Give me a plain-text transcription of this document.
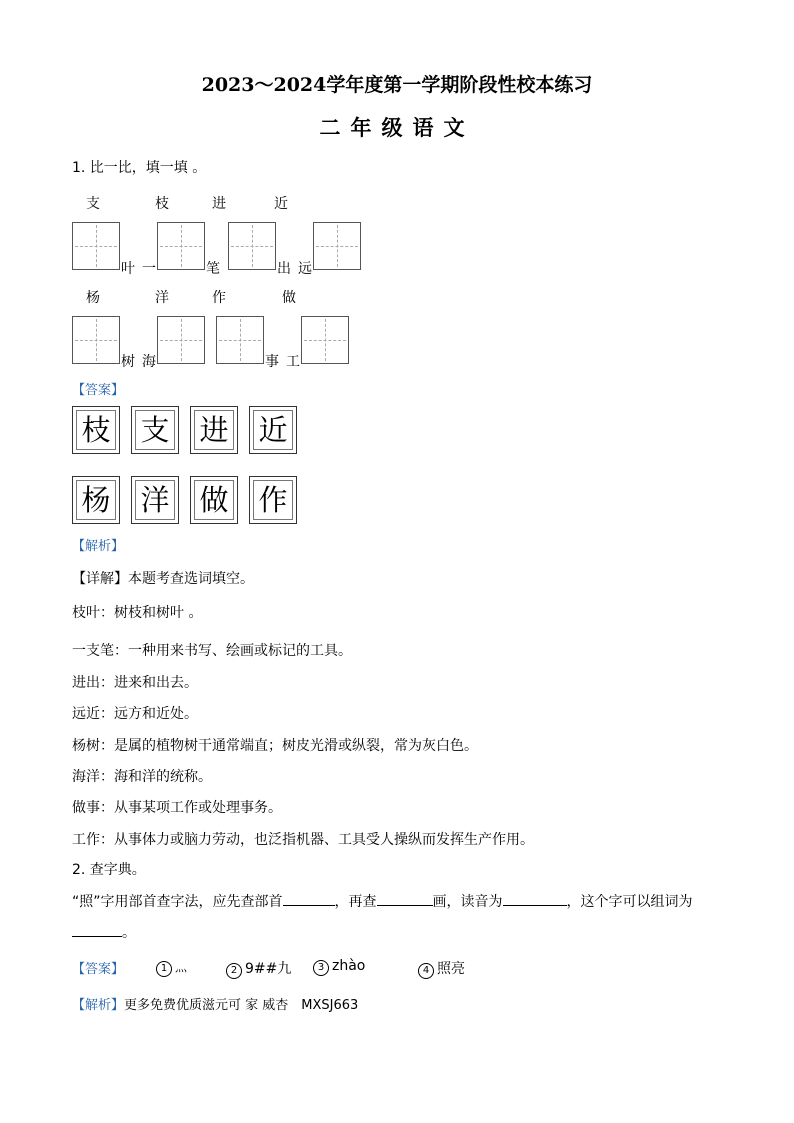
2023～2024学年度第一学期阶段性校本练习
二年级语文
1. 比一比，填一填 。
支	枝	进	近
叶 一	笔	出 远
杨	洋	作	做
树 海	事 工
【答案】
枝 支 进 近
杨 洋 做 作
【解析】
【详解】本题考查选词填空。
枝叶：树枝和树叶 。
一支笔：一种用来书写、绘画或标记的工具。
进出：进来和出去。
远近：远方和近处。
杨树：是属的植物树干通常端直；树皮光滑或纵裂，常为灰白色。
海洋：海和洋的统称。
做事：从事某项工作或处理事务。
工作：从事体力或脑力劳动，也泛指机器、工具受人操纵而发挥生产作用。
2. 查字典。
“照”字用部首查字法，应先查部首	，再查	画，读音为	，这个字可以组词为
。
【答案】	1 灬	2 9##九	3 zhào	4 照亮
【解析】更多免费优质滋元可 家 威杏　MXSJ663
